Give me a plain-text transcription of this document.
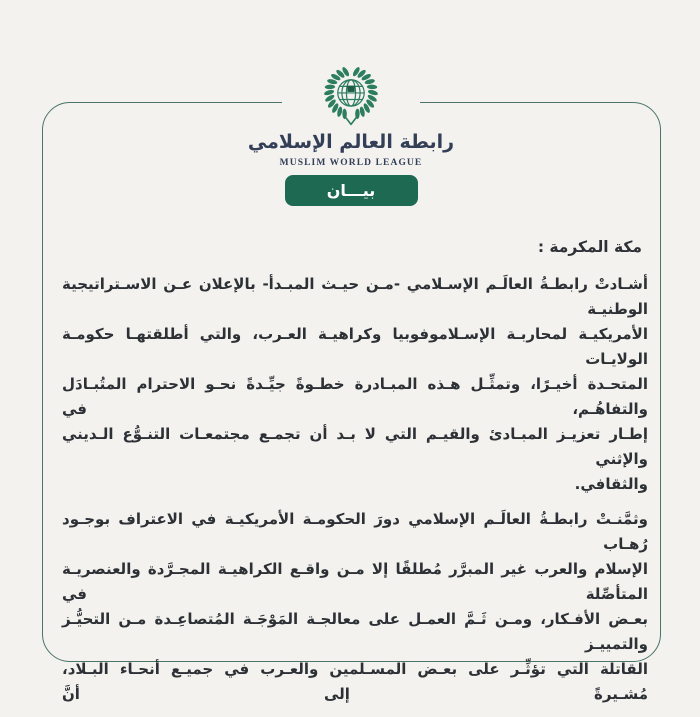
رابطة العالم الإسلامي
MUSLIM WORLD LEAGUE
بيـــان
مكة المكرمة :
أشـادتْ رابطـةُ العالَـم الإسـلامي -مـن حيـث المبـدأ- بالإعلان عـن الاسـتراتيجية الوطنيـة
الأمريكيـة لمحاربـة الإسـلاموفوبيا وكراهيـة العـرب، والتي أطلقتهـا حكومـة الولايـات
المتحـدة أخيـرًا، وتمثِّـل هـذه المبـادرة خطـوةً جيِّـدةً نحـو الاحترام المتُبـادَل والتفاهُـم، في
إطـار تعزيـز المبـادئ والقيـم التي لا بـد أن تجمـع مجتمعـات التنـوُّع الـديني والإثني
والثقافي.
وثمَّنـتْ رابطـةُ العالَـم الإسلامي دورَ الحكومـة الأمريكيـة في الاعتراف بوجـود رُهـاب
الإسلام والعرب غير المبرَّر مُطلقًا إلا مـن واقـع الكراهيـة المجـرَّدة والعنصريـة المتأصِّلة في
بعـض الأفـكار، ومـن ثَـمَّ العمـل على معالجـة المَوْجَـة المُتصاعِـدة مـن التحيُّـز والتمييـز
القاتلة التي تؤثِّـر على بعـض المسـلمين والعـرب في جميـع أنحـاء البـلاد، مُشـيرةً إلى أنَّ
